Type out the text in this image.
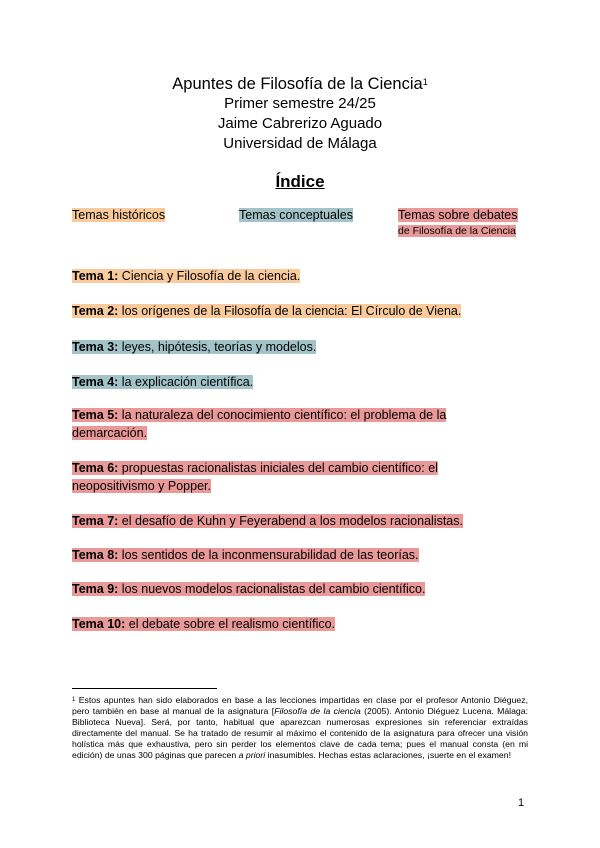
Apuntes de Filosofía de la Ciencia$^1$
Primer semestre 24/25
Jaime Cabrerizo Aguado
Universidad de Málaga
Índice
Temas históricos	Temas conceptuales	Temas sobre debates
de Filosofía de la Ciencia
Tema 1: Ciencia y Filosofía de la ciencia.
Tema 2: los orígenes de la Filosofía de la ciencia: El Círculo de Viena.
Tema 3: leyes, hipótesis, teorías y modelos.
Tema 4: la explicación científica.
Tema 5: la naturaleza del conocimiento científico: el problema de la demarcación.
Tema 6: propuestas racionalistas iniciales del cambio científico: el neopositivismo y Popper.
Tema 7: el desafío de Kuhn y Feyerabend a los modelos racionalistas.
Tema 8: los sentidos de la inconmensurabilidad de las teorías.
Tema 9: los nuevos modelos racionalistas del cambio científico.
Tema 10: el debate sobre el realismo científico.
$^1$ Estos apuntes han sido elaborados en base a las lecciones impartidas en clase por el profesor Antonio Diéguez, pero también en base al manual de la asignatura [Filosofía de la ciencia (2005). Antonio Diéguez Lucena. Málaga: Biblioteca Nueva]. Será, por tanto, habitual que aparezcan numerosas expresiones sin referenciar extraídas directamente del manual. Se ha tratado de resumir al máximo el contenido de la asignatura para ofrecer una visión holística más que exhaustiva, pero sin perder los elementos clave de cada tema; pues el manual consta (en mi edición) de unas 300 páginas que parecen a priori inasumibles. Hechas estas aclaraciones, ¡suerte en el examen!
1
